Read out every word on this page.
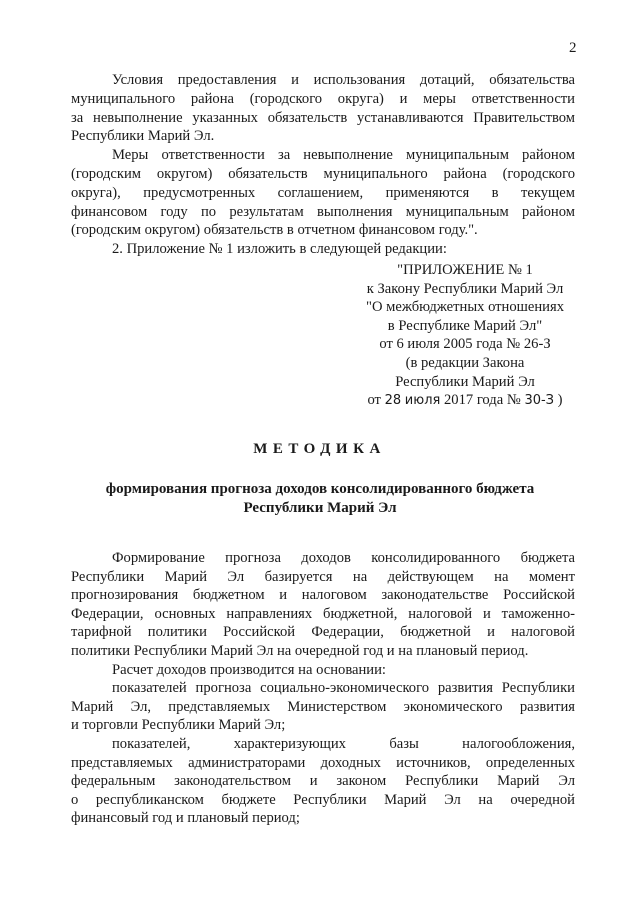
2
Условия предоставления и использования дотаций, обязательства
муниципального района (городского округа) и меры ответственности
за невыполнение указанных обязательств устанавливаются Правительством
Республики Марий Эл.
Меры ответственности за невыполнение муниципальным районом
(городским округом) обязательств муниципального района (городского
округа), предусмотренных соглашением, применяются в текущем
финансовом году по результатам выполнения муниципальным районом
(городским округом) обязательств в отчетном финансовом году.".
2. Приложение № 1 изложить в следующей редакции:
"ПРИЛОЖЕНИЕ № 1
к Закону Республики Марий Эл
"О межбюджетных отношениях
в Республике Марий Эл"
от 6 июля 2005 года № 26-З
(в редакции Закона
Республики Марий Эл
от 28 июля 2017 года № 30-З )
МЕТОДИКА
формирования прогноза доходов консолидированного бюджета
Республики Марий Эл
Формирование прогноза доходов консолидированного бюджета
Республики Марий Эл базируется на действующем на момент
прогнозирования бюджетном и налоговом законодательстве Российской
Федерации, основных направлениях бюджетной, налоговой и таможенно-
тарифной политики Российской Федерации, бюджетной и налоговой
политики Республики Марий Эл на очередной год и на плановый период.
Расчет доходов производится на основании:
показателей прогноза социально-экономического развития Республики
Марий Эл, представляемых Министерством экономического развития
и торговли Республики Марий Эл;
показателей, характеризующих базы налогообложения,
представляемых администраторами доходных источников, определенных
федеральным законодательством и законом Республики Марий Эл
о республиканском бюджете Республики Марий Эл на очередной
финансовый год и плановый период;
